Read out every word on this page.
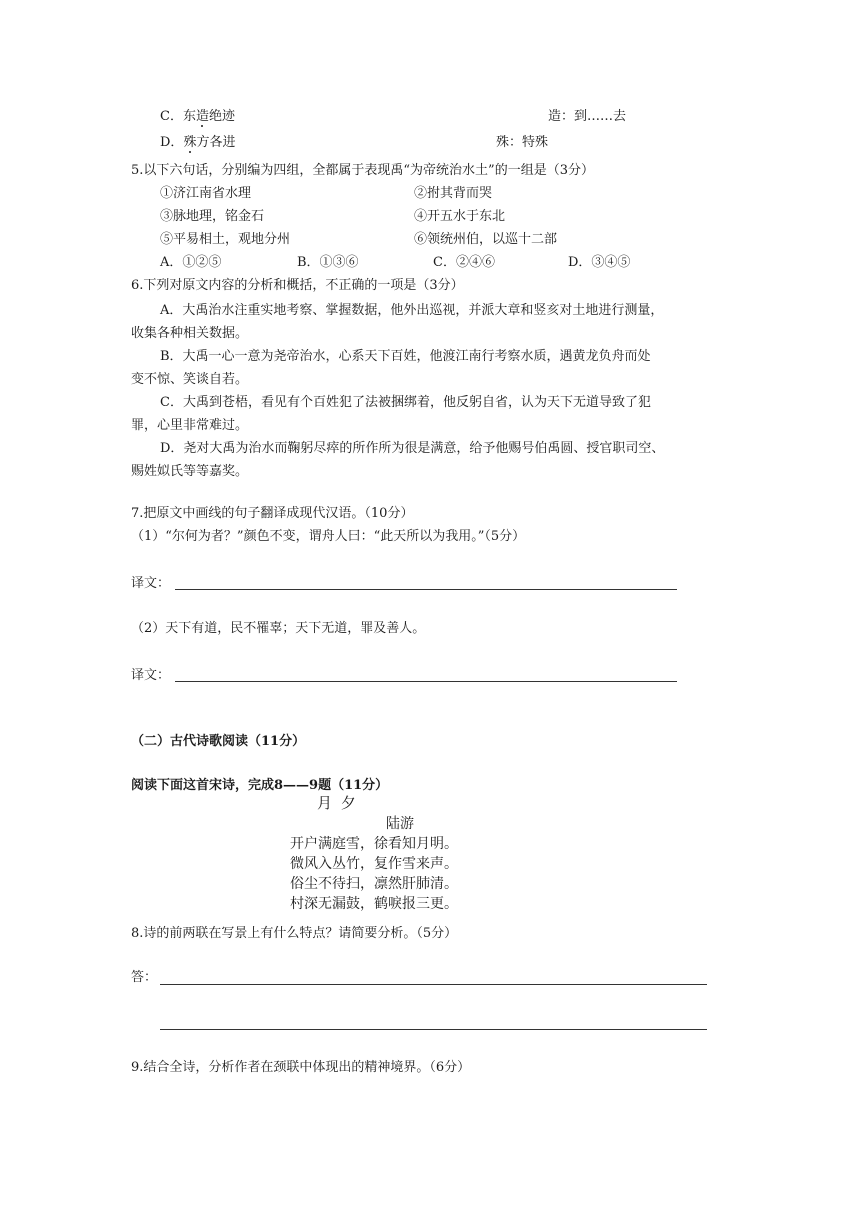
C．东造绝迹	造：到……去
D．殊方各进	殊：特殊
5.以下六句话，分别编为四组，全都属于表现禹“为帝统治水土”的一组是（3分）
①济江南省水理	②拊其背而哭
③脉地理，铭金石	④开五水于东北
⑤平易相土，观地分州	⑥领统州伯，以巡十二部
A．①②⑤	B．①③⑥	C．②④⑥	D．③④⑤
6.下列对原文内容的分析和概括，不正确的一项是（3分）
A．大禹治水注重实地考察、掌握数据，他外出巡视，并派大章和竖亥对土地进行测量，
收集各种相关数据。
B．大禹一心一意为尧帝治水，心系天下百姓，他渡江南行考察水质，遇黄龙负舟而处
变不惊、笑谈自若。
C．大禹到苍梧，看见有个百姓犯了法被捆绑着，他反躬自省，认为天下无道导致了犯
罪，心里非常难过。
D．尧对大禹为治水而鞠躬尽瘁的所作所为很是满意，给予他赐号伯禹圆、授官职司空、
赐姓姒氏等等嘉奖。
7.把原文中画线的句子翻译成现代汉语。（10分）
（1）“尔何为者？”颜色不变，谓舟人曰：“此天所以为我用。”（5分）
译文：
（2）天下有道，民不罹辜；天下无道，罪及善人。
译文：
（二）古代诗歌阅读（11分）
阅读下面这首宋诗，完成8——9题（11分）
月 夕
陆游
开户满庭雪，徐看知月明。
微风入丛竹，复作雪来声。
俗尘不待扫，凛然肝肺清。
村深无漏鼓，鹤唳报三更。
8.诗的前两联在写景上有什么特点？请简要分析。（5分）
答：
9.结合全诗，分析作者在颈联中体现出的精神境界。（6分）
